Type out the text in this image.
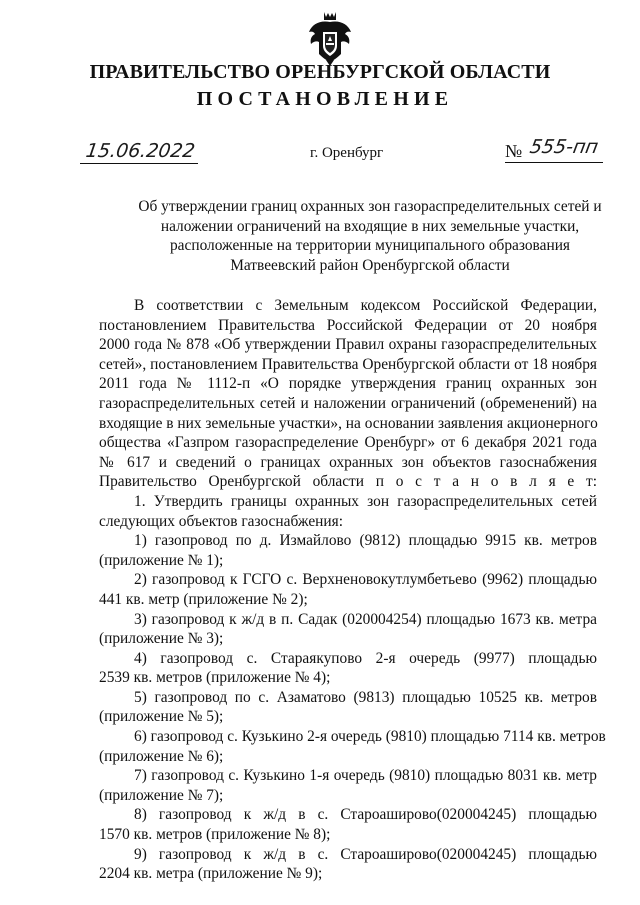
ПРАВИТЕЛЬСТВО ОРЕНБУРГСКОЙ ОБЛАСТИ
ПОСТАНОВЛЕНИЕ
15.06.2022	г. Оренбург	№ 555-пп
Об утверждении границ охранных зон газораспределительных сетей и
наложении ограничений на входящие в них земельные участки,
расположенные на территории муниципального образования
Матвеевский район Оренбургской области
В соответствии с Земельным кодексом Российской Федерации,
постановлением Правительства Российской Федерации от 20 ноября
2000 года № 878 «Об утверждении Правил охраны газораспределительных
сетей», постановлением Правительства Оренбургской области от 18 ноября
2011 года № 1112-п «О порядке утверждения границ охранных зон
газораспределительных сетей и наложении ограничений (обременений) на
входящие в них земельные участки», на основании заявления акционерного
общества «Газпром газораспределение Оренбург» от 6 декабря 2021 года
№ 617 и сведений о границах охранных зон объектов газоснабжения
Правительство Оренбургской области п о с т а н о в л я е т:
1. Утвердить границы охранных зон газораспределительных сетей
следующих объектов газоснабжения:
1) газопровод по д. Измайлово (9812) площадью 9915 кв. метров
(приложение № 1);
2) газопровод к ГСГО с. Верхненовокутлумбетьево (9962) площадью
441 кв. метр (приложение № 2);
3) газопровод к ж/д в п. Садак (020004254) площадью 1673 кв. метра
(приложение № 3);
4) газопровод с. Стараякупово 2-я очередь (9977) площадью
2539 кв. метров (приложение № 4);
5) газопровод по с. Азаматово (9813) площадью 10525 кв. метров
(приложение № 5);
6) газопровод с. Кузькино 2-я очередь (9810) площадью 7114 кв. метров
(приложение № 6);
7) газопровод с. Кузькино 1-я очередь (9810) площадью 8031 кв. метр
(приложение № 7);
8) газопровод к ж/д в с. Староаширово(020004245) площадью
1570 кв. метров (приложение № 8);
9) газопровод к ж/д в с. Староаширово(020004245) площадью
2204 кв. метра (приложение № 9);
